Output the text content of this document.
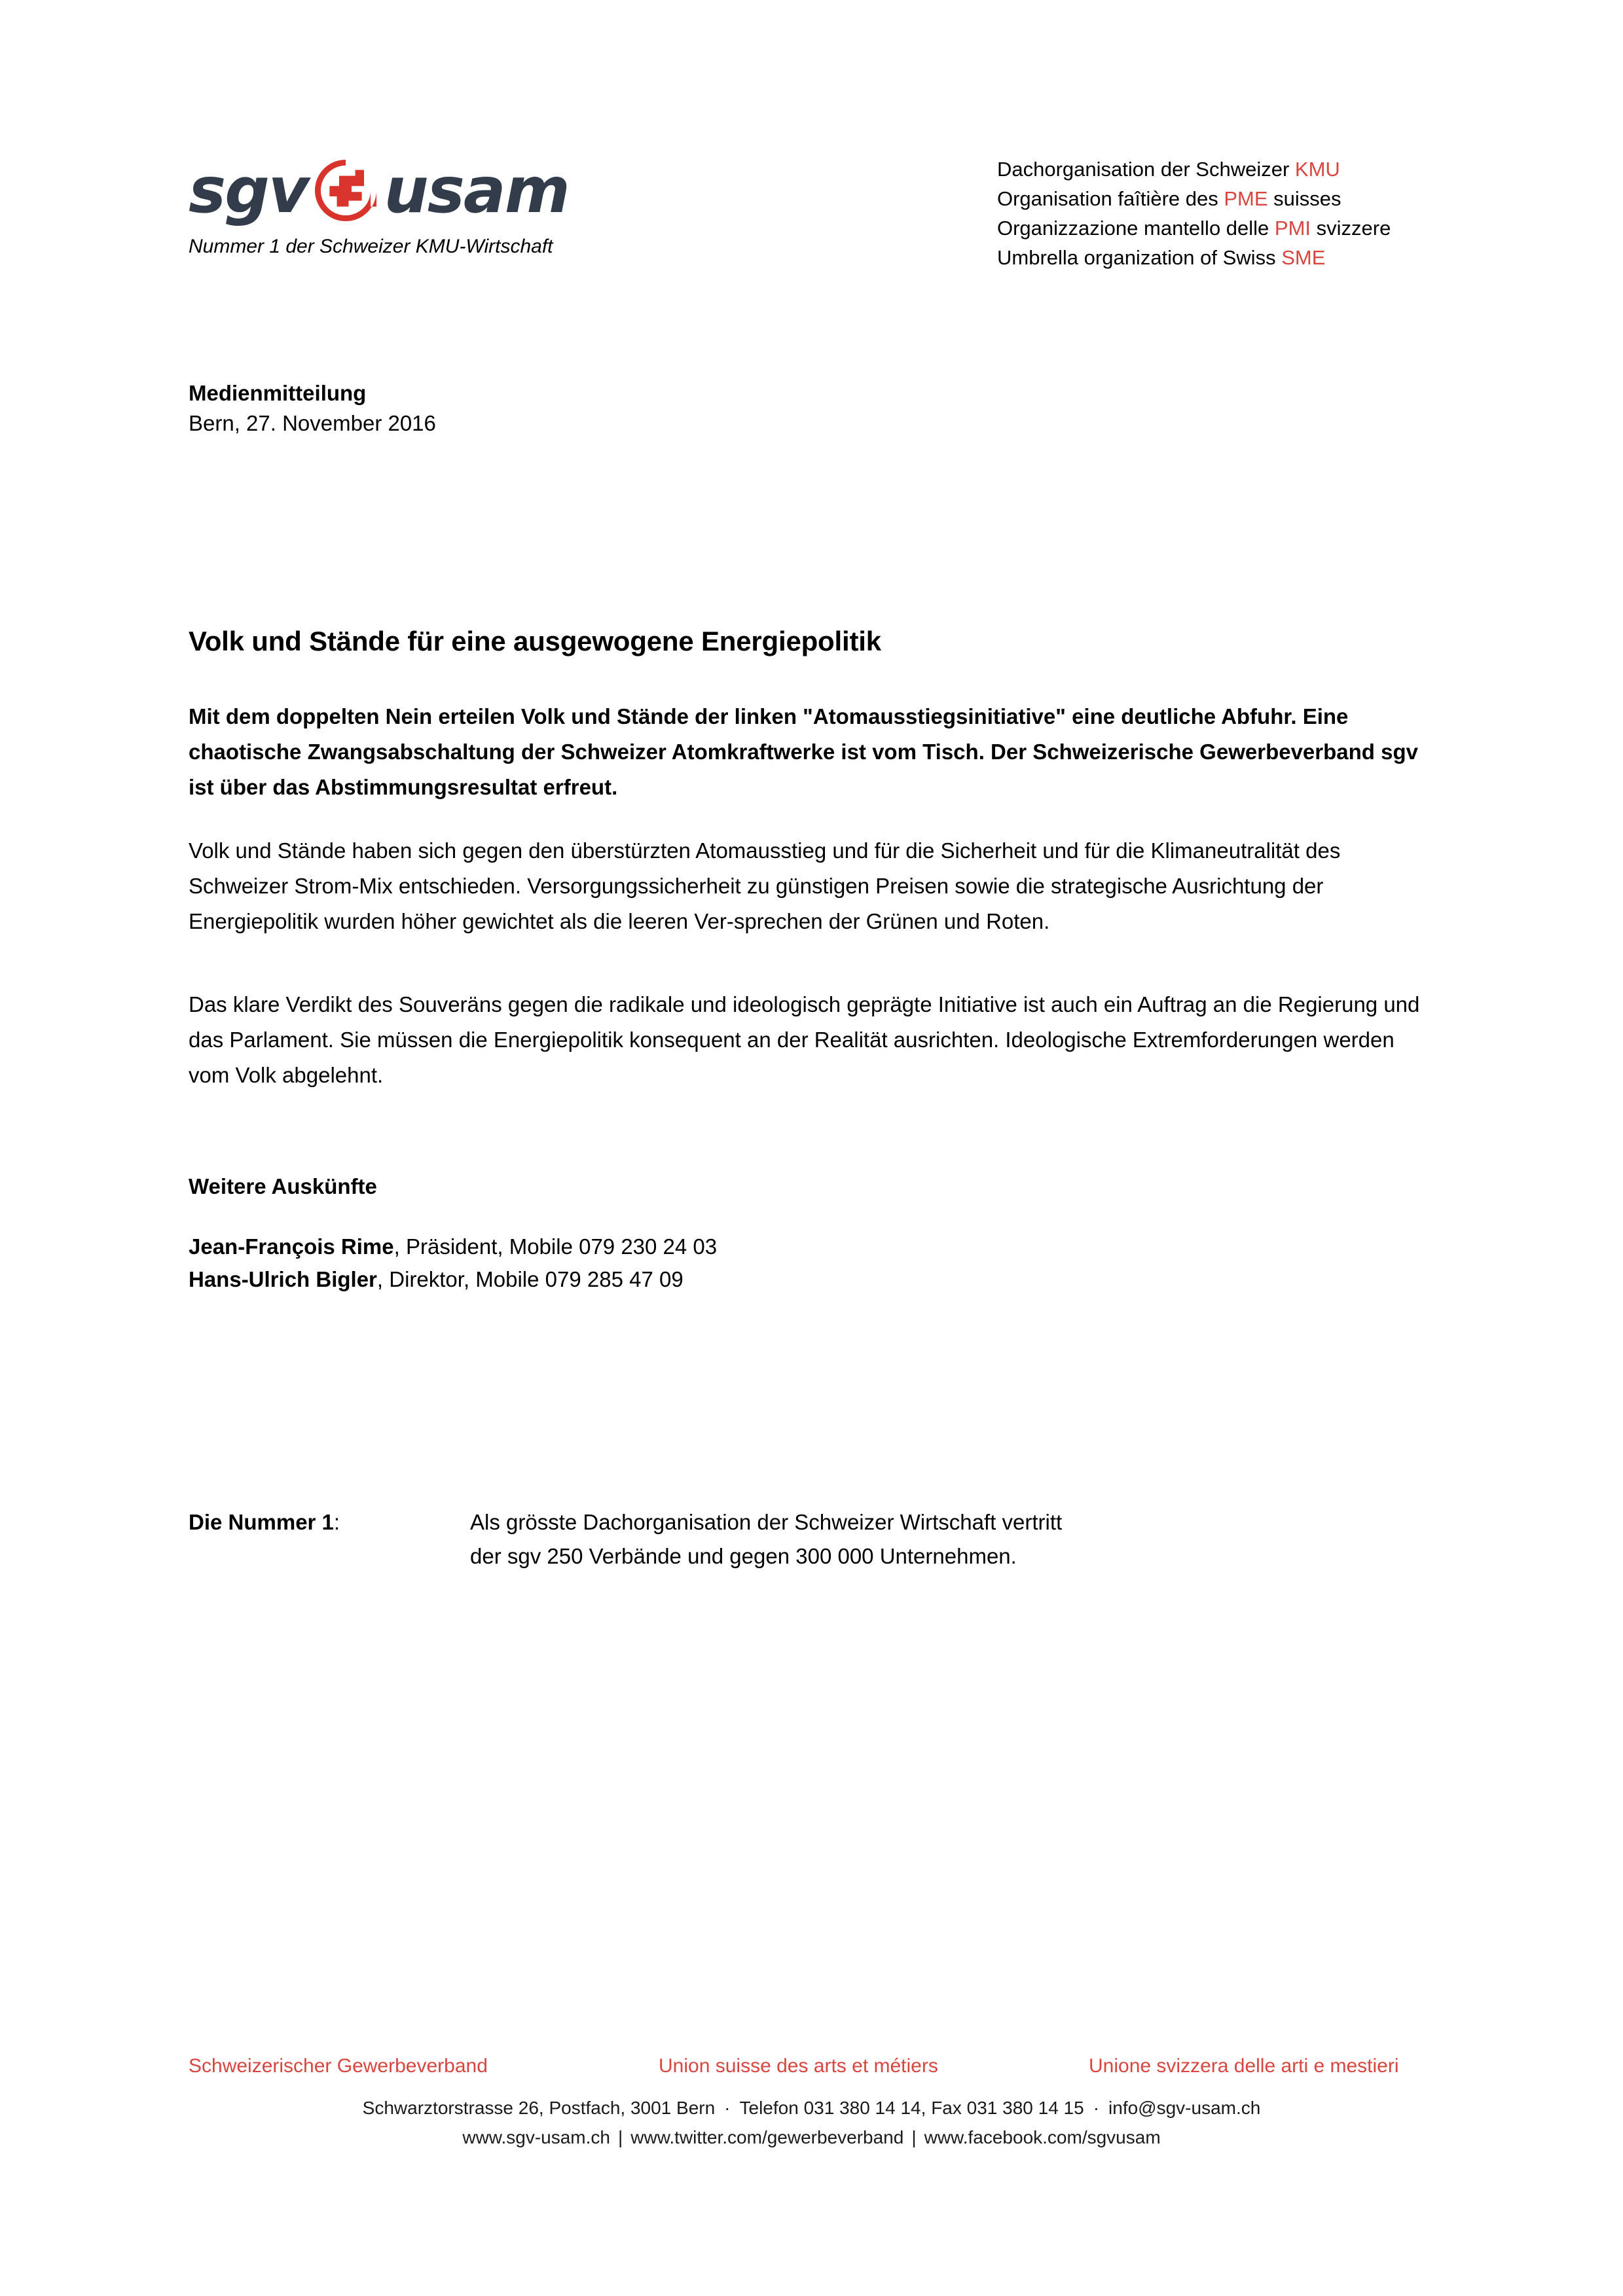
sgv usam
Nummer 1 der Schweizer KMU-Wirtschaft
Dachorganisation der Schweizer KMU
Organisation faîtière des PME suisses
Organizzazione mantello delle PMI svizzere
Umbrella organization of Swiss SME
Medienmitteilung
Bern, 27. November 2016
Volk und Stände für eine ausgewogene Energiepolitik

Mit dem doppelten Nein erteilen Volk und Stände der linken "Atomausstiegsinitiative" eine deutliche Abfuhr. Eine chaotische Zwangsabschaltung der Schweizer Atomkraftwerke ist vom Tisch. Der Schweizerische Gewerbeverband sgv ist über das Abstimmungsresultat erfreut.

Volk und Stände haben sich gegen den überstürzten Atomausstieg und für die Sicherheit und für die Klimaneutralität des Schweizer Strom-Mix entschieden. Versorgungssicherheit zu günstigen Preisen sowie die strategische Ausrichtung der Energiepolitik wurden höher gewichtet als die leeren Ver-sprechen der Grünen und Roten.

Das klare Verdikt des Souveräns gegen die radikale und ideologisch geprägte Initiative ist auch ein Auftrag an die Regierung und das Parlament. Sie müssen die Energiepolitik konsequent an der Realität ausrichten. Ideologische Extremforderungen werden vom Volk abgelehnt.

Weitere Auskünfte
Jean-François Rime, Präsident, Mobile 079 230 24 03
Hans-Ulrich Bigler, Direktor, Mobile 079 285 47 09
Die Nummer 1:	Als grösste Dachorganisation der Schweizer Wirtschaft vertritt
der sgv 250 Verbände und gegen 300 000 Unternehmen.
Schweizerischer Gewerbeverband	Union suisse des arts et métiers	Unione svizzera delle arti e mestieri
Schwarztorstrasse 26, Postfach, 3001 Bern · Telefon 031 380 14 14, Fax 031 380 14 15 · info@sgv-usam.ch
www.sgv-usam.ch | www.twitter.com/gewerbeverband | www.facebook.com/sgvusam
